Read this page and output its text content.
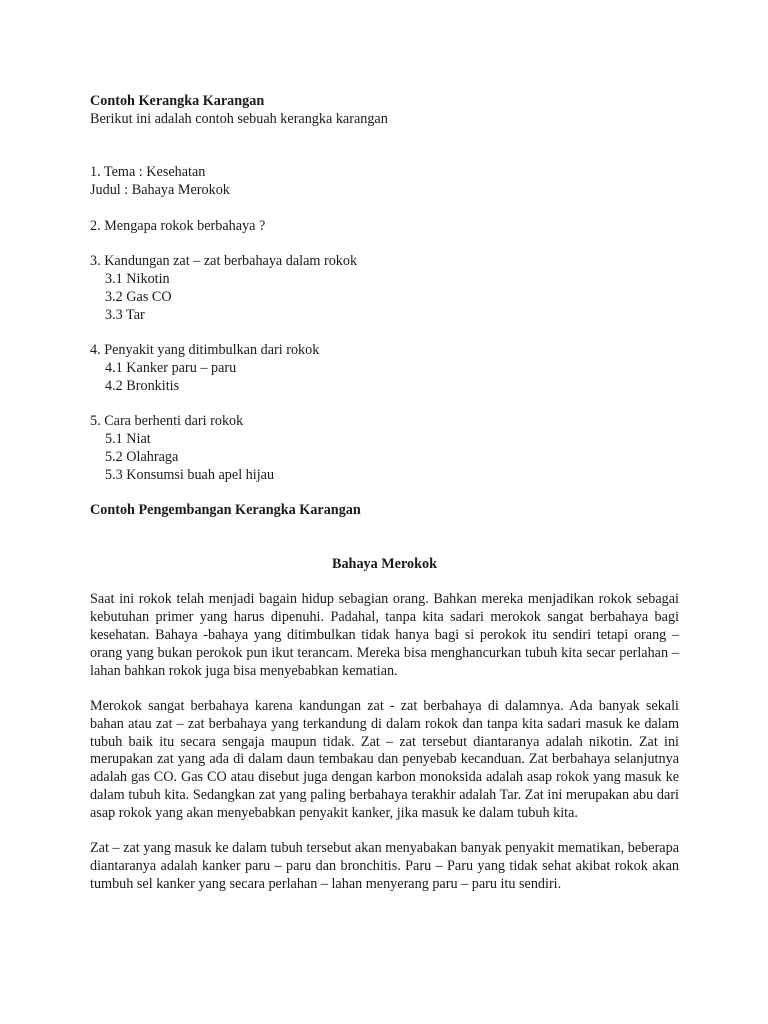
Contoh Kerangka Karangan
Berikut ini adalah contoh sebuah kerangka karangan
1. Tema : Kesehatan
Judul : Bahaya Merokok
2. Mengapa rokok berbahaya ?
3. Kandungan zat – zat berbahaya dalam rokok
3.1 Nikotin
3.2 Gas CO
3.3 Tar
4. Penyakit yang ditimbulkan dari rokok
4.1 Kanker paru – paru
4.2 Bronkitis
5. Cara berhenti dari rokok
5.1 Niat
5.2 Olahraga
5.3 Konsumsi buah apel hijau
Contoh Pengembangan Kerangka Karangan
Bahaya Merokok

Saat ini rokok telah menjadi bagain hidup sebagian orang. Bahkan mereka menjadikan rokok sebagai kebutuhan primer yang harus dipenuhi. Padahal, tanpa kita sadari merokok sangat berbahaya bagi kesehatan. Bahaya -bahaya yang ditimbulkan tidak hanya bagi si perokok itu sendiri tetapi orang – orang yang bukan perokok pun ikut terancam. Mereka bisa menghancurkan tubuh kita secar perlahan – lahan bahkan rokok juga bisa menyebabkan kematian.

Merokok sangat berbahaya karena kandungan zat - zat berbahaya di dalamnya. Ada banyak sekali bahan atau zat – zat berbahaya yang terkandung di dalam rokok dan tanpa kita sadari masuk ke dalam tubuh baik itu secara sengaja maupun tidak. Zat – zat tersebut diantaranya adalah nikotin. Zat ini merupakan zat yang ada di dalam daun tembakau dan penyebab kecanduan. Zat berbahaya selanjutnya adalah gas CO. Gas CO atau disebut juga dengan karbon monoksida adalah asap rokok yang masuk ke dalam tubuh kita. Sedangkan zat yang paling berbahaya terakhir adalah Tar. Zat ini merupakan abu dari asap rokok yang akan menyebabkan penyakit kanker, jika masuk ke dalam tubuh kita.

Zat – zat yang masuk ke dalam tubuh tersebut akan menyabakan banyak penyakit mematikan, beberapa diantaranya adalah kanker paru – paru dan bronchitis. Paru – Paru yang tidak sehat akibat rokok akan tumbuh sel kanker yang secara perlahan – lahan menyerang paru – paru itu sendiri.
